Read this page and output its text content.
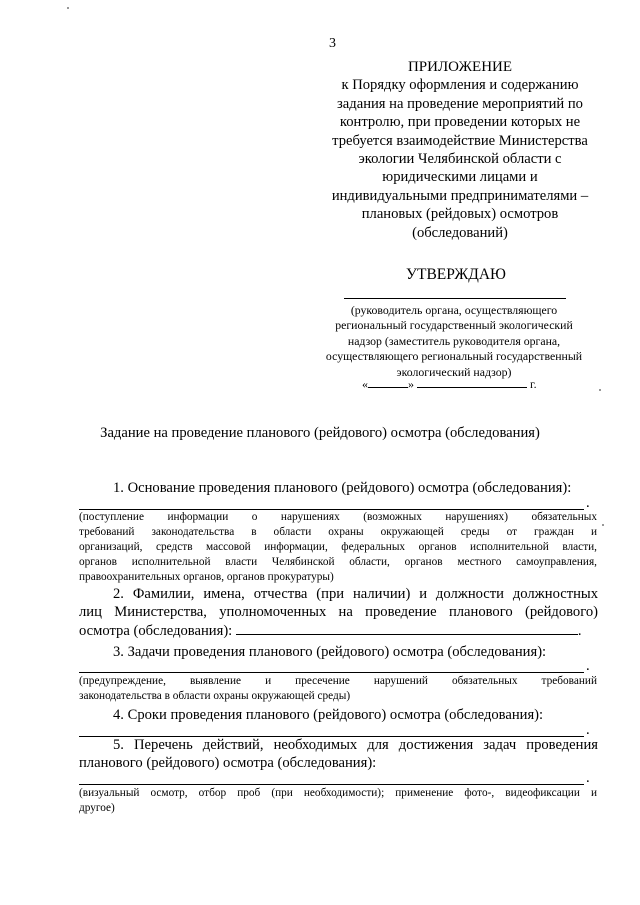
3
ПРИЛОЖЕНИЕ
к Порядку оформления и содержанию
задания на проведение мероприятий по
контролю, при проведении которых не
требуется взаимодействие Министерства
экологии Челябинской области с
юридическими лицами и
индивидуальными предпринимателями –
плановых (рейдовых) осмотров
(обследований)
УТВЕРЖДАЮ
(руководитель органа, осуществляющего
региональный государственный экологический
надзор (заместитель руководителя органа,
осуществляющего региональный государственный
экологический надзор)
«	»	г.
Задание на проведение планового (рейдового) осмотра (обследования)
1. Основание проведения планового (рейдового) осмотра (обследования):
.
(поступление информации о нарушениях (возможных нарушениях) обязательных
требований законодательства в области охраны окружающей среды от граждан и
организаций, средств массовой информации, федеральных органов исполнительной власти,
органов исполнительной власти Челябинской области, органов местного самоуправления,
правоохранительных органов, органов прокуратуры)
2. Фамилии, имена, отчества (при наличии) и должности должностных
лиц Министерства, уполномоченных на проведение планового (рейдового)
осмотра (обследования):	.
3. Задачи проведения планового (рейдового) осмотра (обследования):
.
(предупреждение, выявление и пресечение нарушений обязательных требований
законодательства в области охраны окружающей среды)
4. Сроки проведения планового (рейдового) осмотра (обследования):
.
5. Перечень действий, необходимых для достижения задач проведения
планового (рейдового) осмотра (обследования):
.
(визуальный осмотр, отбор проб (при необходимости); применение фото-, видеофиксации и
другое)
